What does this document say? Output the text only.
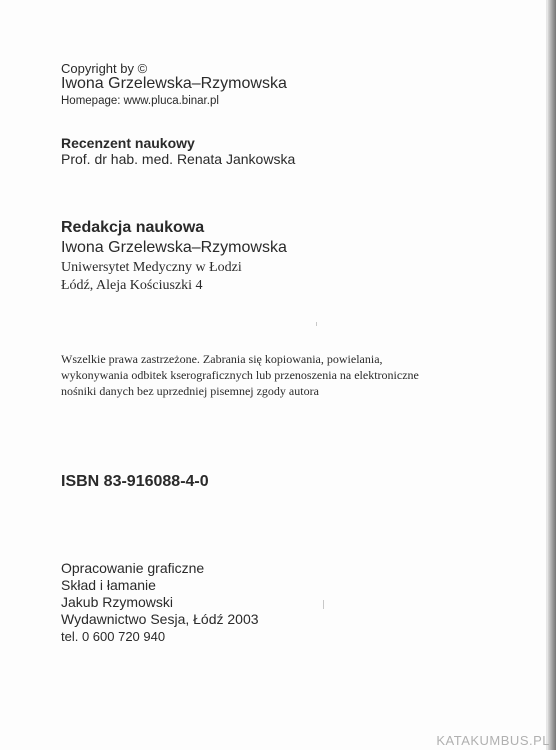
Copyright by ©
Iwona Grzelewska–Rzymowska
Homepage: www.pluca.binar.pl
Recenzent naukowy
Prof. dr hab. med. Renata Jankowska
Redakcja naukowa
Iwona Grzelewska–Rzymowska
Uniwersytet Medyczny w Łodzi
Łódź, Aleja Kościuszki 4
Wszelkie prawa zastrzeżone. Zabrania się kopiowania, powielania,
wykonywania odbitek kserograficznych lub przenoszenia na elektroniczne
nośniki danych bez uprzedniej pisemnej zgody autora
ISBN 83-916088-4-0
Opracowanie graficzne
Skład i łamanie
Jakub Rzymowski
Wydawnictwo Sesja, Łódź 2003
tel. 0 600 720 940
KATAKUMBUS.PL
